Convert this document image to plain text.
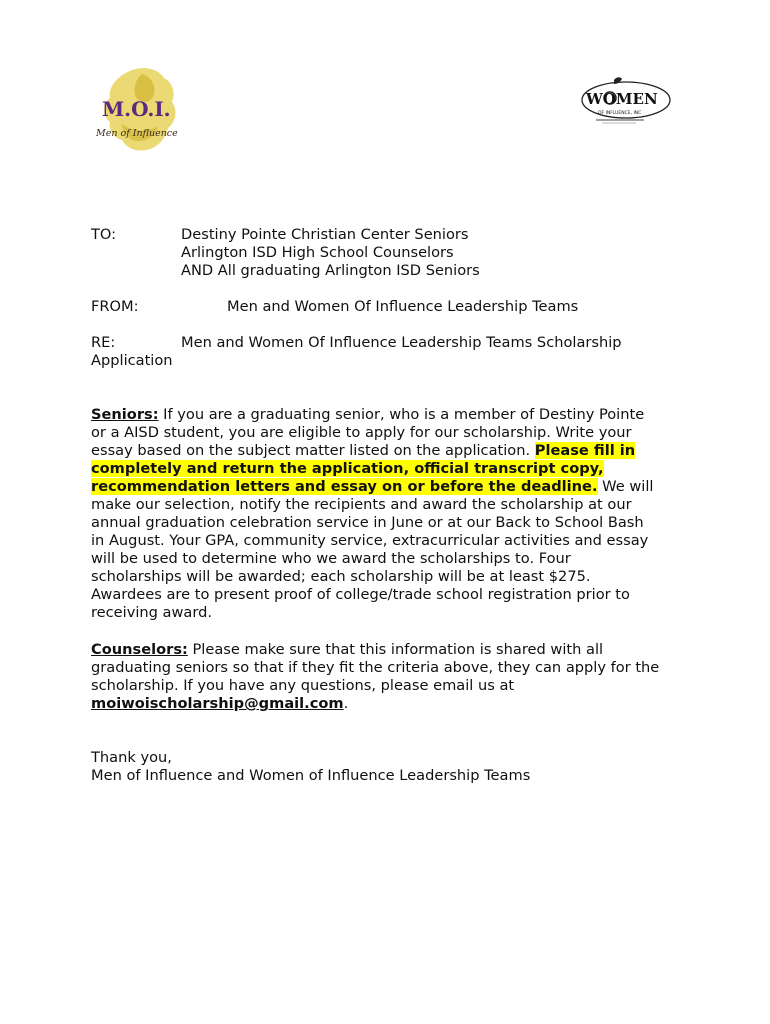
M.O.I.
Men of Influence
WOMEN
OF INFLUENCE, INC
TO:	Destiny Pointe Christian Center Seniors
Arlington ISD High School Counselors
AND All graduating Arlington ISD Seniors
FROM:	Men and Women Of Influence Leadership Teams
RE:	Men and Women Of Influence Leadership Teams Scholarship
Application
Seniors: If you are a graduating senior, who is a member of Destiny Pointe
or a AISD student, you are eligible to apply for our scholarship. Write your
essay based on the subject matter listed on the application. Please fill in
completely and return the application, official transcript copy,
recommendation letters and essay on or before the deadline. We will
make our selection, notify the recipients and award the scholarship at our
annual graduation celebration service in June or at our Back to School Bash
in August. Your GPA, community service, extracurricular activities and essay
will be used to determine who we award the scholarships to. Four
scholarships will be awarded; each scholarship will be at least $275.
Awardees are to present proof of college/trade school registration prior to
receiving award.
Counselors: Please make sure that this information is shared with all
graduating seniors so that if they fit the criteria above, they can apply for the
scholarship. If you have any questions, please email us at
moiwoischolarship@gmail.com.
Thank you,
Men of Influence and Women of Influence Leadership Teams
